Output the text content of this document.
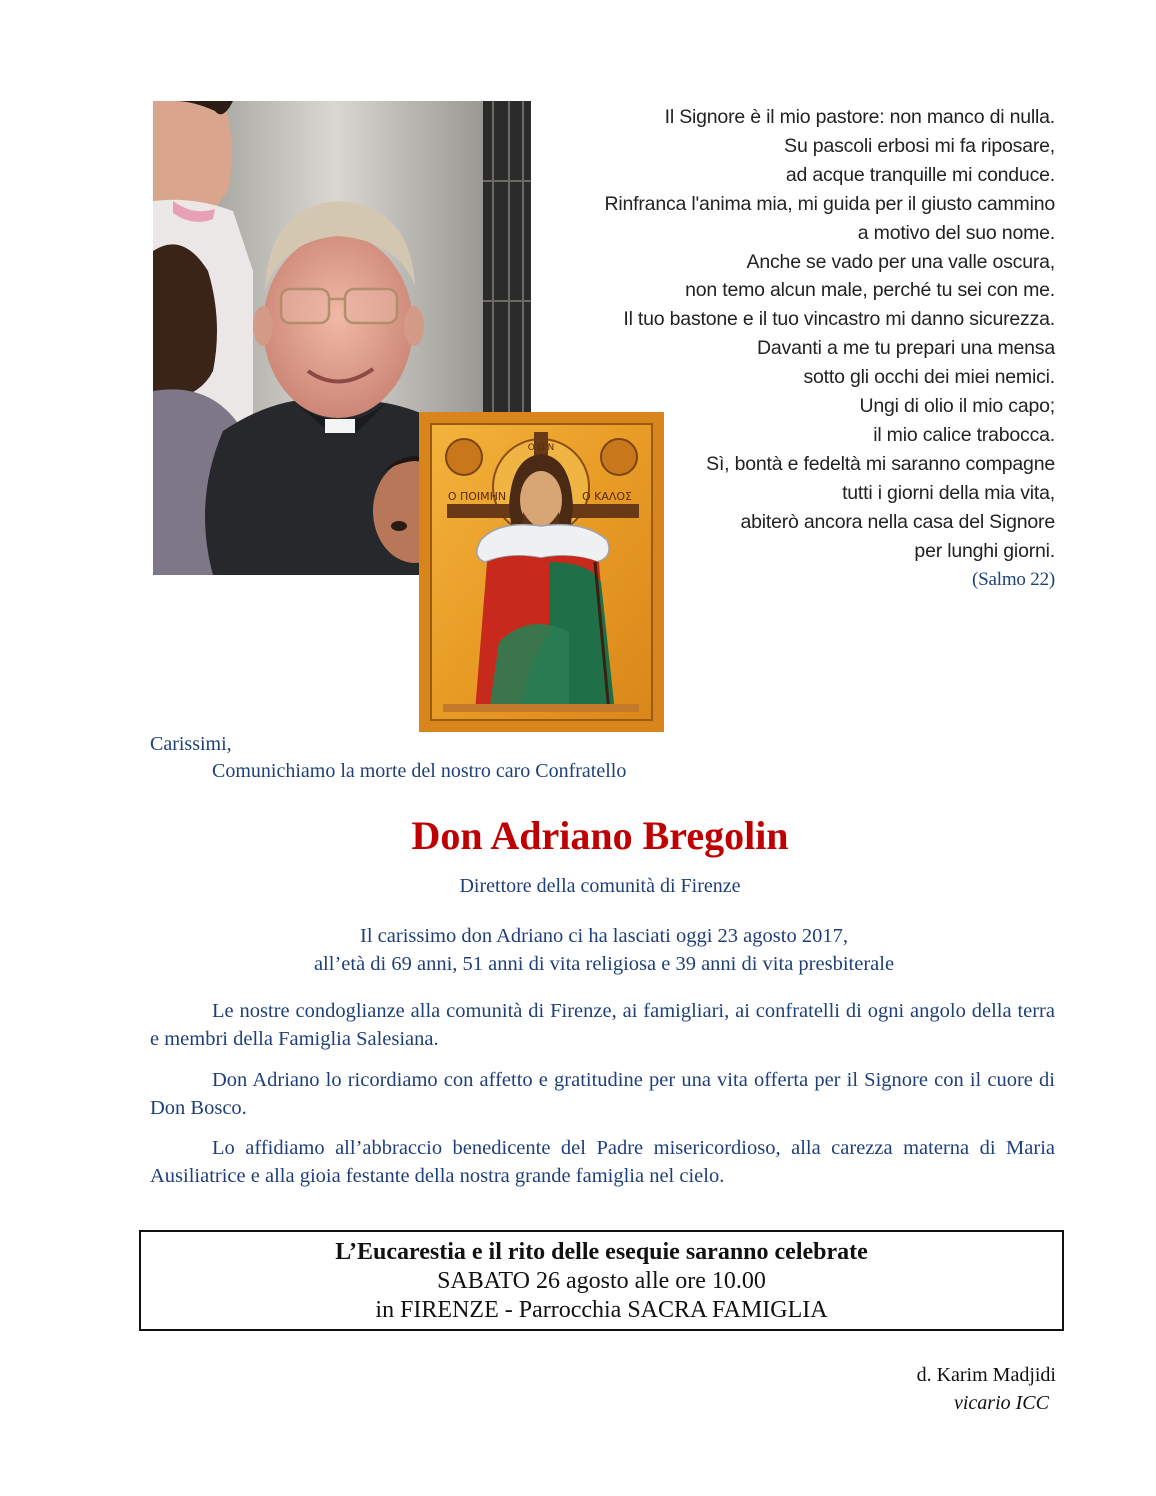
Ο ΠΟΙΜΗΝ	Ο ΚΑΛΟΣ
Ο Ω Ν
Il Signore è il mio pastore: non manco di nulla.
Su pascoli erbosi mi fa riposare,
ad acque tranquille mi conduce.
Rinfranca l'anima mia, mi guida per il giusto cammino
a motivo del suo nome.
Anche se vado per una valle oscura,
non temo alcun male, perché tu sei con me.
Il tuo bastone e il tuo vincastro mi danno sicurezza.
Davanti a me tu prepari una mensa
sotto gli occhi dei miei nemici.
Ungi di olio il mio capo;
il mio calice trabocca.
Sì, bontà e fedeltà mi saranno compagne
tutti i giorni della mia vita,
abiterò ancora nella casa del Signore
per lunghi giorni.
(Salmo 22)
Carissimi,
Comunichiamo la morte del nostro caro Confratello
Don Adriano Bregolin
Direttore della comunità di Firenze
Il carissimo don Adriano ci ha lasciati oggi 23 agosto 2017,
all’età di 69 anni, 51 anni di vita religiosa e 39 anni di vita presbiterale
Le nostre condoglianze alla comunità di Firenze, ai famigliari, ai confratelli di ogni angolo della terra e membri della Famiglia Salesiana.
Don Adriano lo ricordiamo con affetto e gratitudine per una vita offerta per il Signore con il cuore di Don Bosco.
Lo affidiamo all’abbraccio benedicente del Padre misericordioso, alla carezza materna di Maria Ausiliatrice e alla gioia festante della nostra grande famiglia nel cielo.
L’Eucarestia e il rito delle esequie saranno celebrate
SABATO 26 agosto alle ore 10.00
in FIRENZE - Parrocchia SACRA FAMIGLIA
d. Karim Madjidi
vicario ICC
